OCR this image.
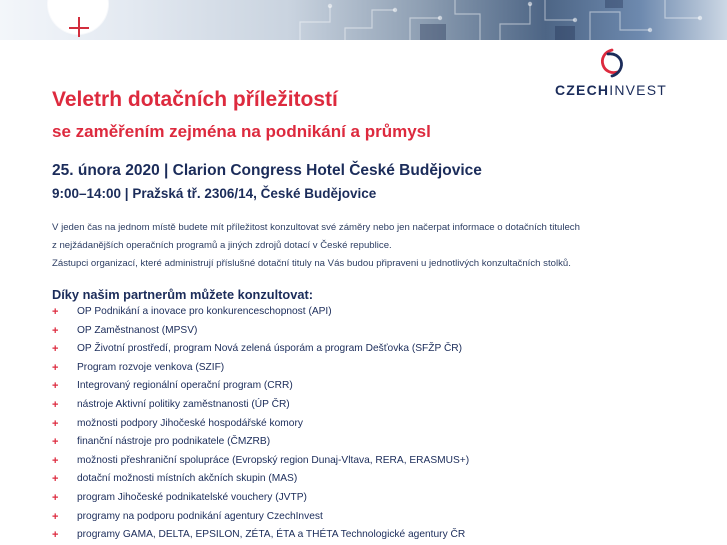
CZECHINVEST
Veletrh dotačních příležitostí
se zaměřením zejména na podnikání a průmysl
25. února 2020 | Clarion Congress Hotel České Budějovice
9:00–14:00 | Pražská tř. 2306/14, České Budějovice

V jeden čas na jednom místě budete mít příležitost konzultovat své záměry nebo jen načerpat informace o dotačních titulech

z nejžádanějších operačních programů a jiných zdrojů dotací v České republice.

Zástupci organizací, které administrují příslušné dotační tituly na Vás budou připraveni u jednotlivých konzultačních stolků.

Díky našim partnerům můžete konzultovat:
+ OP Podnikání a inovace pro konkurenceschopnost (API)
+ OP Zaměstnanost (MPSV)
+ OP Životní prostředí, program Nová zelená úsporám a program Dešťovka (SFŽP ČR)
+ Program rozvoje venkova (SZIF)
+ Integrovaný regionální operační program (CRR)
+ nástroje Aktivní politiky zaměstnanosti (ÚP ČR)
+ možnosti podpory Jihočeské hospodářské komory
+ finanční nástroje pro podnikatele (ČMZRB)
+ možnosti přeshraniční spolupráce (Evropský region Dunaj-Vltava, RERA, ERASMUS+)
+ dotační možnosti místních akčních skupin (MAS)
+ program Jihočeské podnikatelské vouchery (JVTP)
+ programy na podporu podnikání agentury CzechInvest
+ programy GAMA, DELTA, EPSILON, ZÉTA, ÉTA a THÉTA Technologické agentury ČR
